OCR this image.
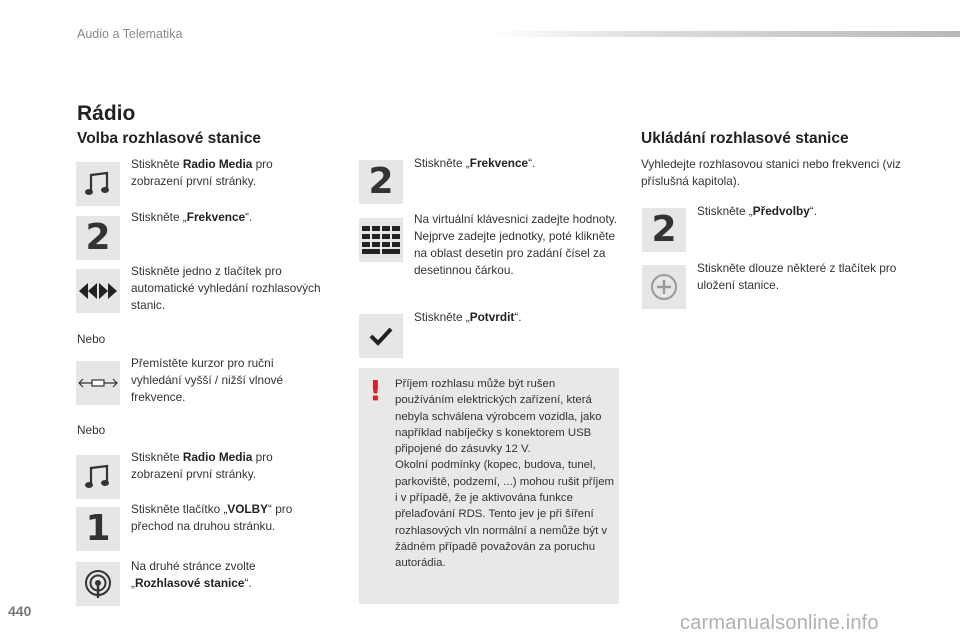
Audio a Telematika
Rádio
Volba rozhlasové stanice
Stiskněte Radio Media pro zobrazení první stránky.
2 Stiskněte „Frekvence“.
Stiskněte jedno z tlačítek pro automatické vyhledání rozhlasových stanic.
Nebo
Přemístěte kurzor pro ruční vyhledání vyšší / nižší vlnové frekvence.
Nebo
Stiskněte Radio Media pro zobrazení první stránky.
1 Stiskněte tlačítko „VOLBY“ pro přechod na druhou stránku.
Na druhé stránce zvolte „Rozhlasové stanice“.
2 Stiskněte „Frekvence“.
Na virtuální klávesnici zadejte hodnoty.
Nejprve zadejte jednotky, poté klikněte na oblast desetin pro zadání čísel za desetinnou čárkou.
Stiskněte „Potvrdit“.
! Příjem rozhlasu může být rušen používáním elektrických zařízení, která nebyla schválena výrobcem vozidla, jako například nabíječky s konektorem USB připojené do zásuvky 12 V.
Okolní podmínky (kopec, budova, tunel, parkoviště, podzemí, ...) mohou rušit příjem i v případě, že je aktivována funkce přelaďování RDS. Tento jev je při šíření rozhlasových vln normální a nemůže být v žádném případě považován za poruchu autorádia.
Ukládání rozhlasové stanice
Vyhledejte rozhlasovou stanici nebo frekvenci (viz příslušná kapitola).
2 Stiskněte „Předvolby“.
Stiskněte dlouze některé z tlačítek pro uložení stanice.
440
carmanualsonline.info
